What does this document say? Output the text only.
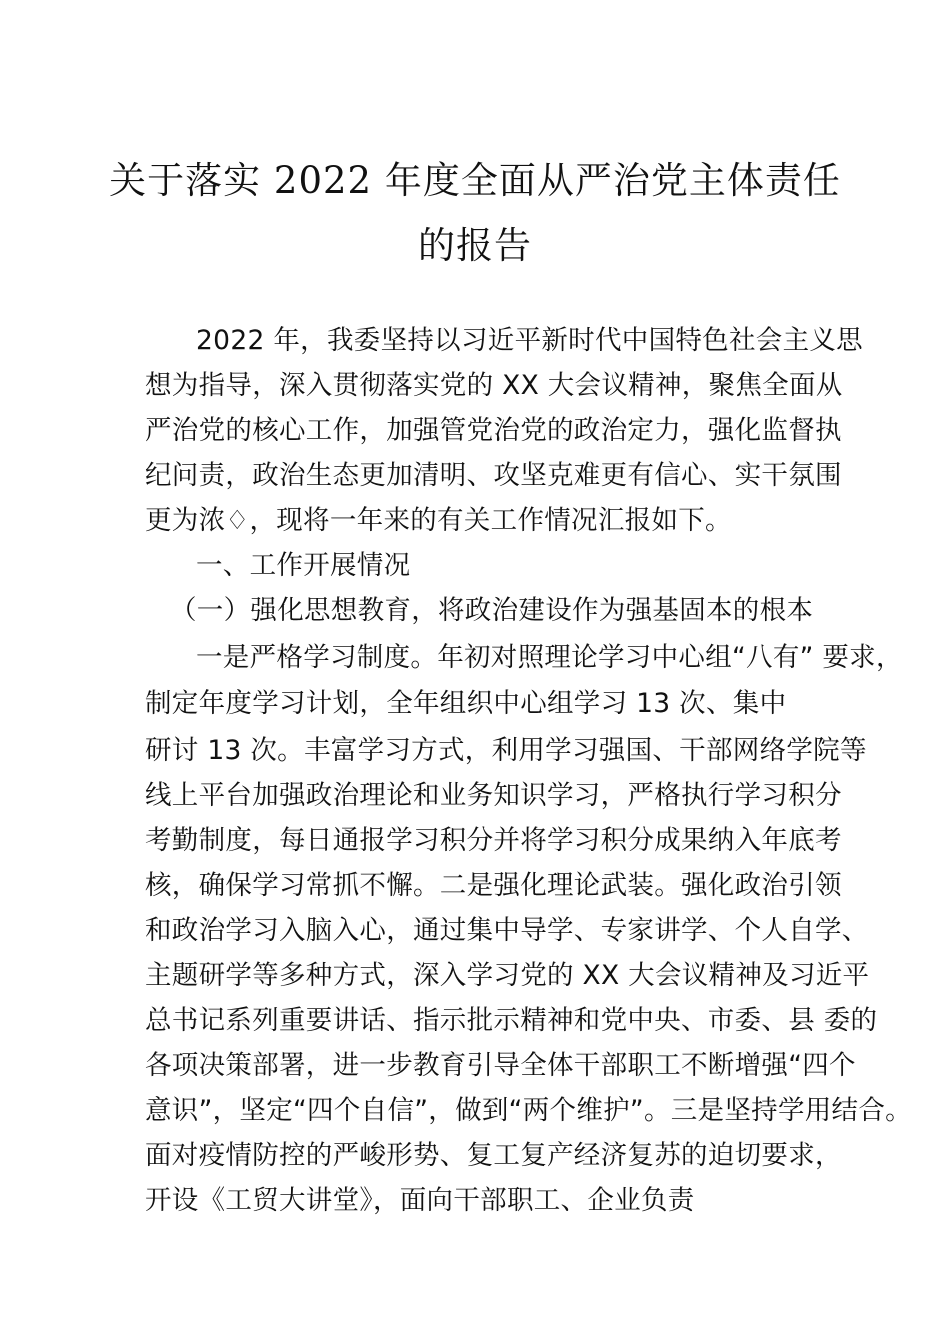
关于落实 2022 年度全面从严治党主体责任
的报告
2022 年，我委坚持以习近平新时代中国特色社会主义思
想为指导，深入贯彻落实党的 XX 大会议精神，聚焦全面从
严治党的核心工作，加强管党治党的政治定力，强化监督执
纪问责，政治生态更加清明、攻坚克难更有信心、实干氛围
更为浓♢，现将一年来的有关工作情况汇报如下。
一、工作开展情况
（一）强化思想教育，将政治建设作为强基固本的根本
一是严格学习制度。年初对照理论学习中心组“八有” 要求，
制定年度学习计划，全年组织中心组学习 13 次、集中
研讨 13 次。丰富学习方式，利用学习强国、干部网络学院等
线上平台加强政治理论和业务知识学习，严格执行学习积分
考勤制度，每日通报学习积分并将学习积分成果纳入年底考
核，确保学习常抓不懈。二是强化理论武装。强化政治引领
和政治学习入脑入心，通过集中导学、专家讲学、个人自学、
主题研学等多种方式，深入学习党的 XX 大会议精神及习近平
总书记系列重要讲话、指示批示精神和党中央、市委、县 委的
各项决策部署，进一步教育引导全体干部职工不断增强“四个
意识”，坚定“四个自信”，做到“两个维护”。三是坚持学用结合。
面对疫情防控的严峻形势、复工复产经济复苏的迫切要求，
开设《工贸大讲堂》，面向干部职工、企业负责
